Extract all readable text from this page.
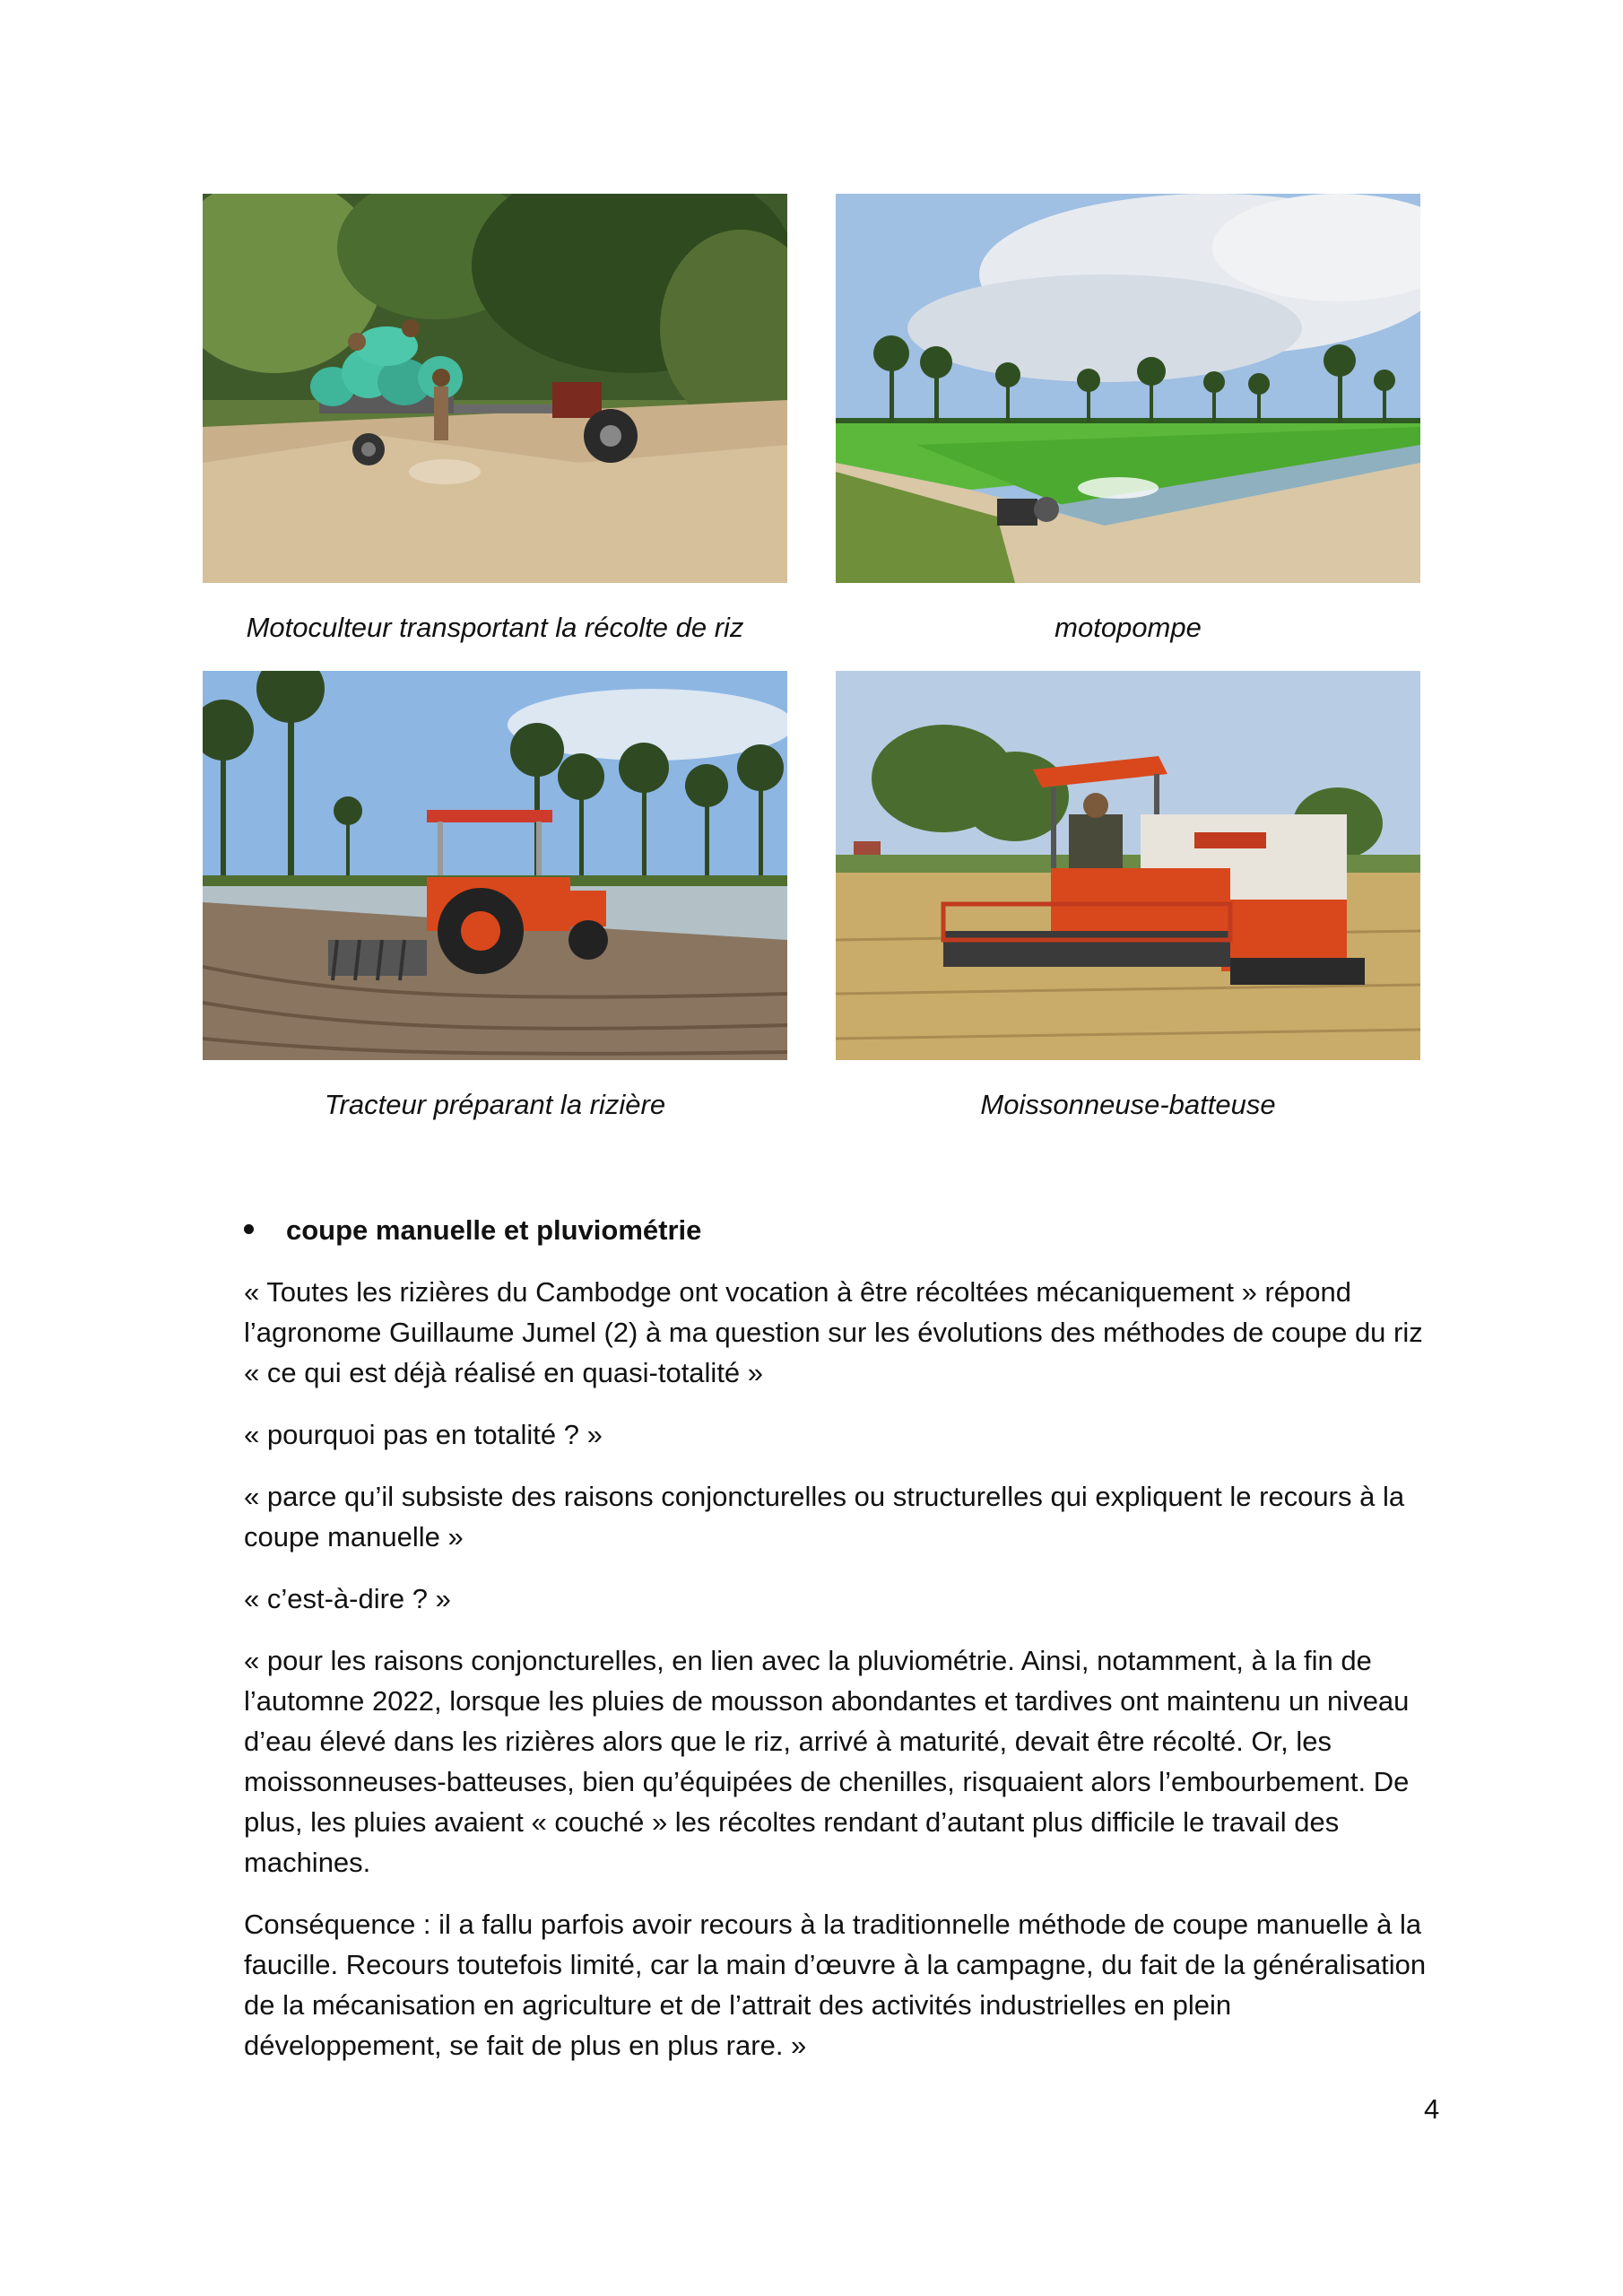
Motoculteur transportant la récolte de riz	motopompe
Tracteur préparant la rizière	Moissonneuse-batteuse
coupe manuelle et pluviométrie

« Toutes les rizières du Cambodge ont vocation à être récoltées mécaniquement » répond l’agronome Guillaume Jumel (2) à ma question sur les évolutions des méthodes de coupe du riz « ce qui est déjà réalisé en quasi-totalité »

« pourquoi pas en totalité ? »

« parce qu’il subsiste des raisons conjoncturelles ou structurelles qui expliquent le recours à la coupe manuelle »

« c’est-à-dire ? »

« pour les raisons conjoncturelles, en lien avec la pluviométrie. Ainsi, notamment, à la fin de l’automne 2022, lorsque les pluies de mousson abondantes et tardives ont maintenu un niveau d’eau élevé dans les rizières alors que le riz, arrivé à maturité, devait être récolté. Or, les moissonneuses-batteuses, bien qu’équipées de chenilles, risquaient alors l’embourbement. De plus, les pluies avaient « couché » les récoltes rendant d’autant plus difficile le travail des machines.

Conséquence : il a fallu parfois avoir recours à la traditionnelle méthode de coupe manuelle à la faucille. Recours toutefois limité, car la main d’œuvre à la campagne, du fait de la généralisation de la mécanisation en agriculture et de l’attrait des activités industrielles en plein développement, se fait de plus en plus rare. »

4
